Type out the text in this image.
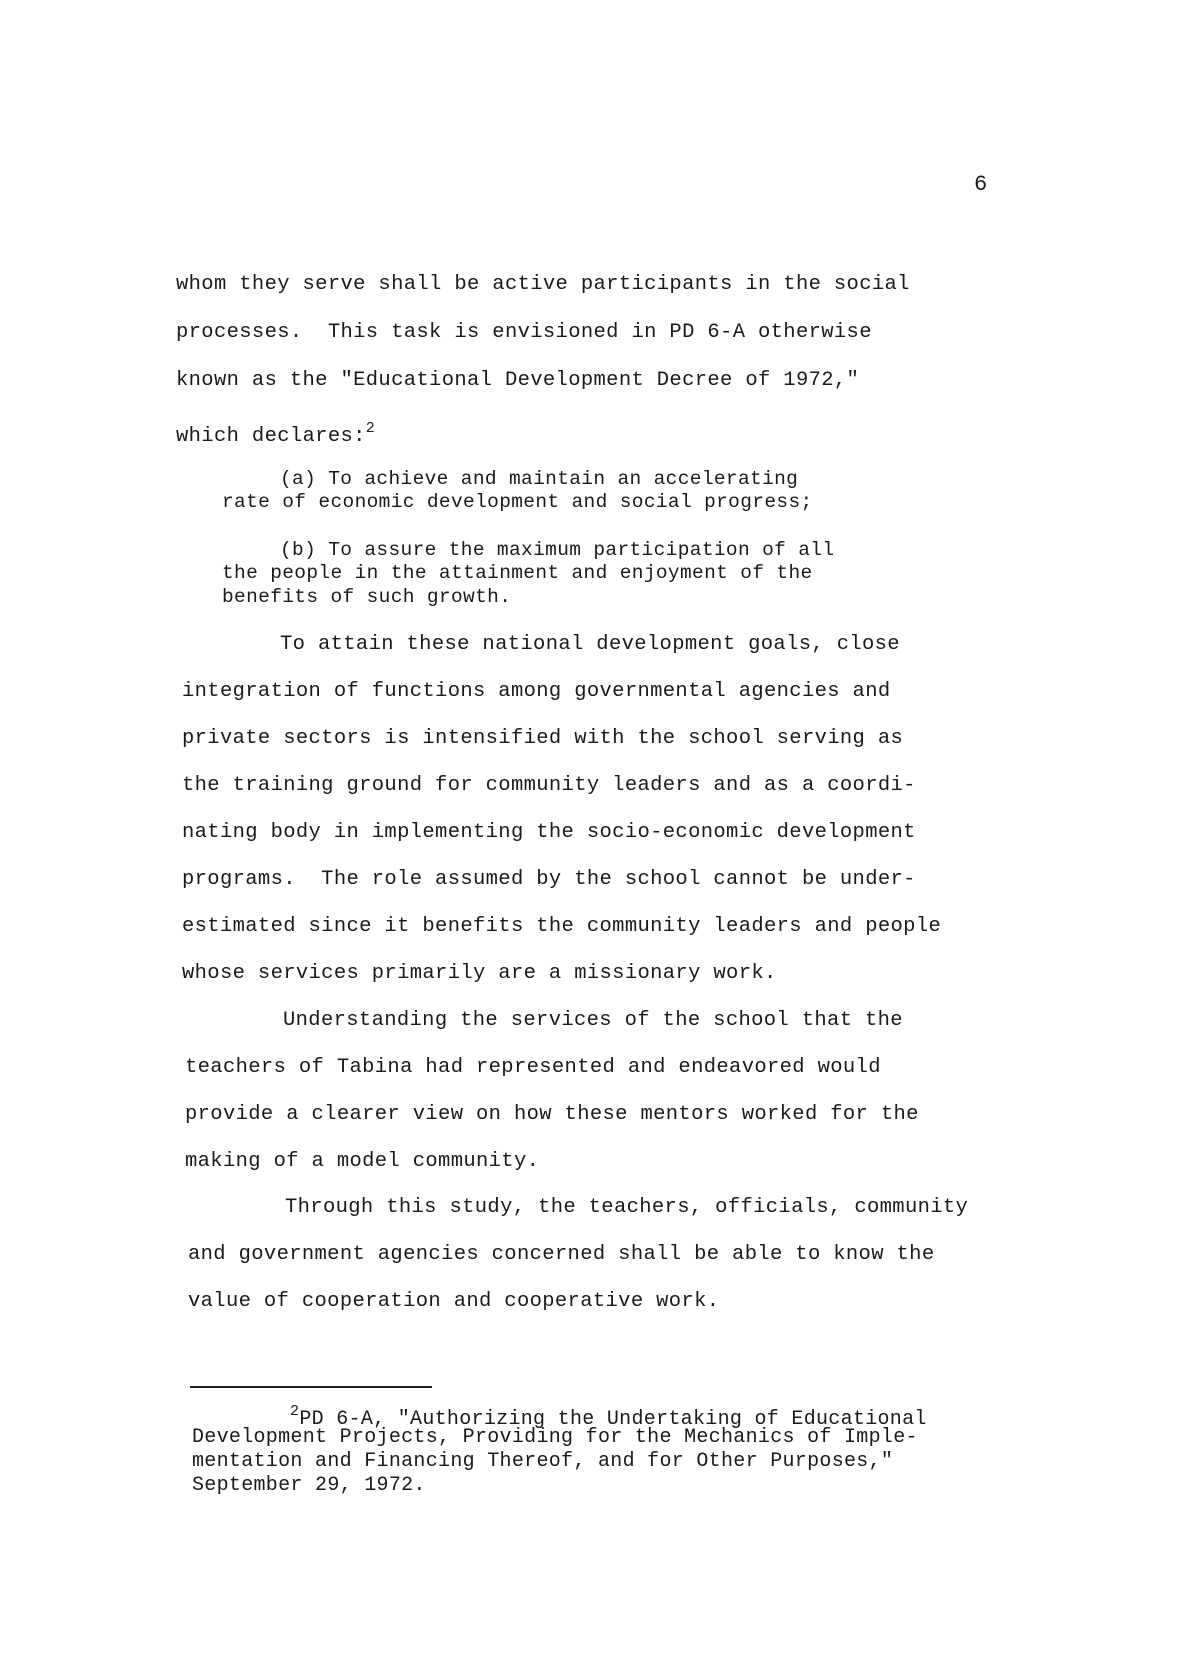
6
whom they serve shall be active participants in the social
processes.  This task is envisioned in PD 6-A otherwise
known as the "Educational Development Decree of 1972,"
which declares:$^2$
(a) To achieve and maintain an accelerating
rate of economic development and social progress;
(b) To assure the maximum participation of all
the people in the attainment and enjoyment of the
benefits of such growth.
To attain these national development goals, close
integration of functions among governmental agencies and
private sectors is intensified with the school serving as
the training ground for community leaders and as a coordi-
nating body in implementing the socio-economic development
programs.  The role assumed by the school cannot be under-
estimated since it benefits the community leaders and people
whose services primarily are a missionary work.
Understanding the services of the school that the
teachers of Tabina had represented and endeavored would
provide a clearer view on how these mentors worked for the
making of a model community.
Through this study, the teachers, officials, community
and government agencies concerned shall be able to know the
value of cooperation and cooperative work.
$^2$PD 6-A, "Authorizing the Undertaking of Educational
Development Projects, Providing for the Mechanics of Imple-
mentation and Financing Thereof, and for Other Purposes,"
September 29, 1972.
